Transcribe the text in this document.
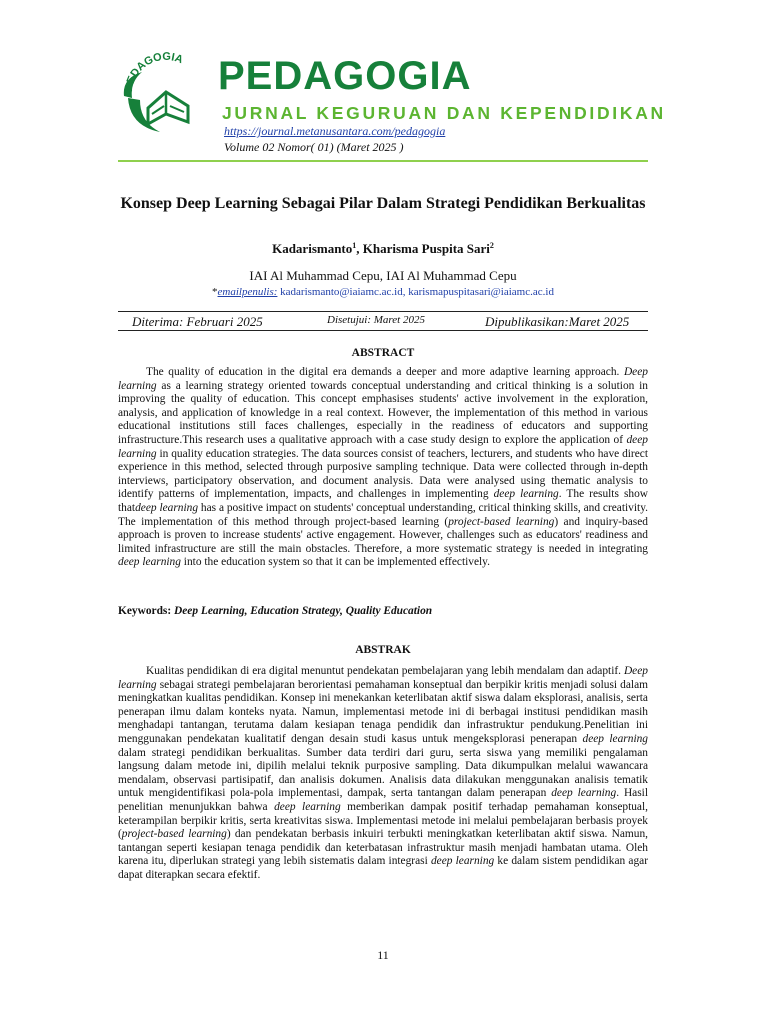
PEDAGOGIA PEDAGOGIA
JURNAL KEGURUAN DAN KEPENDIDIKAN
https://journal.metanusantara.com/pedagogia
Volume 02 Nomor( 01) (Maret 2025 )
Konsep Deep Learning Sebagai Pilar Dalam Strategi Pendidikan Berkualitas
Kadarismanto$^1$, Kharisma Puspita Sari$^2$
IAI Al Muhammad Cepu, IAI Al Muhammad Cepu
*emailpenulis: kadarismanto@iaiamc.ac.id, karismapuspitasari@iaiamc.ac.id
Diterima: Februari 2025	Disetujui: Maret 2025	Dipublikasikan:Maret 2025
ABSTRACT

The quality of education in the digital era demands a deeper and more adaptive learning approach. Deep learning as a learning strategy oriented towards conceptual understanding and critical thinking is a solution in improving the quality of education. This concept emphasises students' active involvement in the exploration, analysis, and application of knowledge in a real context. However, the implementation of this method in various educational institutions still faces challenges, especially in the readiness of educators and supporting infrastructure.This research uses a qualitative approach with a case study design to explore the application of deep learning in quality education strategies. The data sources consist of teachers, lecturers, and students who have direct experience in this method, selected through purposive sampling technique. Data were collected through in-depth interviews, participatory observation, and document analysis. Data were analysed using thematic analysis to identify patterns of implementation, impacts, and challenges in implementing deep learning. The results show thatdeep learning has a positive impact on students' conceptual understanding, critical thinking skills, and creativity. The implementation of this method through project-based learning (project-based learning) and inquiry-based approach is proven to increase students' active engagement. However, challenges such as educators' readiness and limited infrastructure are still the main obstacles. Therefore, a more systematic strategy is needed in integrating deep learning into the education system so that it can be implemented effectively.

Keywords: Deep Learning, Education Strategy, Quality Education
ABSTRAK

Kualitas pendidikan di era digital menuntut pendekatan pembelajaran yang lebih mendalam dan adaptif. Deep learning sebagai strategi pembelajaran berorientasi pemahaman konseptual dan berpikir kritis menjadi solusi dalam meningkatkan kualitas pendidikan. Konsep ini menekankan keterlibatan aktif siswa dalam eksplorasi, analisis, serta penerapan ilmu dalam konteks nyata. Namun, implementasi metode ini di berbagai institusi pendidikan masih menghadapi tantangan, terutama dalam kesiapan tenaga pendidik dan infrastruktur pendukung.Penelitian ini menggunakan pendekatan kualitatif dengan desain studi kasus untuk mengeksplorasi penerapan deep learning dalam strategi pendidikan berkualitas. Sumber data terdiri dari guru, serta siswa yang memiliki pengalaman langsung dalam metode ini, dipilih melalui teknik purposive sampling. Data dikumpulkan melalui wawancara mendalam, observasi partisipatif, dan analisis dokumen. Analisis data dilakukan menggunakan analisis tematik untuk mengidentifikasi pola-pola implementasi, dampak, serta tantangan dalam penerapan deep learning. Hasil penelitian menunjukkan bahwa deep learning memberikan dampak positif terhadap pemahaman konseptual, keterampilan berpikir kritis, serta kreativitas siswa. Implementasi metode ini melalui pembelajaran berbasis proyek (project-based learning) dan pendekatan berbasis inkuiri terbukti meningkatkan keterlibatan aktif siswa. Namun, tantangan seperti kesiapan tenaga pendidik dan keterbatasan infrastruktur masih menjadi hambatan utama. Oleh karena itu, diperlukan strategi yang lebih sistematis dalam integrasi deep learning ke dalam sistem pendidikan agar dapat diterapkan secara efektif.

11
